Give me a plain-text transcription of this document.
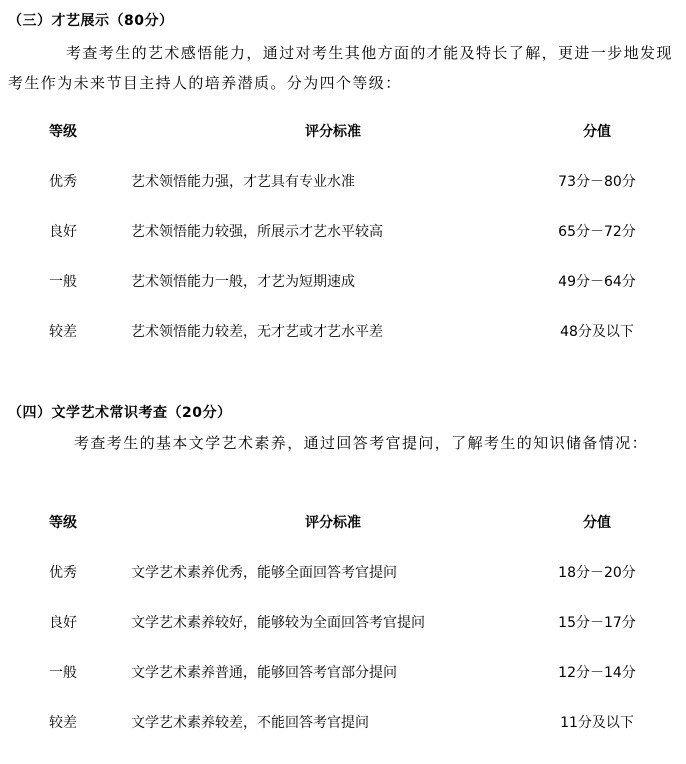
（三）才艺展示（80分）

考查考生的艺术感悟能力，通过对考生其他方面的才能及特长了解，更进一步地发现考生作为未来节目主持人的培养潜质。分为四个等级：

等级	评分标准	分值
优秀	艺术领悟能力强，才艺具有专业水准	73分－80分
良好	艺术领悟能力较强，所展示才艺水平较高	65分－72分
一般	艺术领悟能力一般，才艺为短期速成	49分－64分
较差	艺术领悟能力较差，无才艺或才艺水平差	48分及以下
（四）文学艺术常识考查（20分）

考查考生的基本文学艺术素养，通过回答考官提问，了解考生的知识储备情况：

等级	评分标准	分值
优秀	文学艺术素养优秀，能够全面回答考官提问	18分－20分
良好	文学艺术素养较好，能够较为全面回答考官提问	15分－17分
一般	文学艺术素养普通，能够回答考官部分提问	12分－14分
较差	文学艺术素养较差，不能回答考官提问	11分及以下
